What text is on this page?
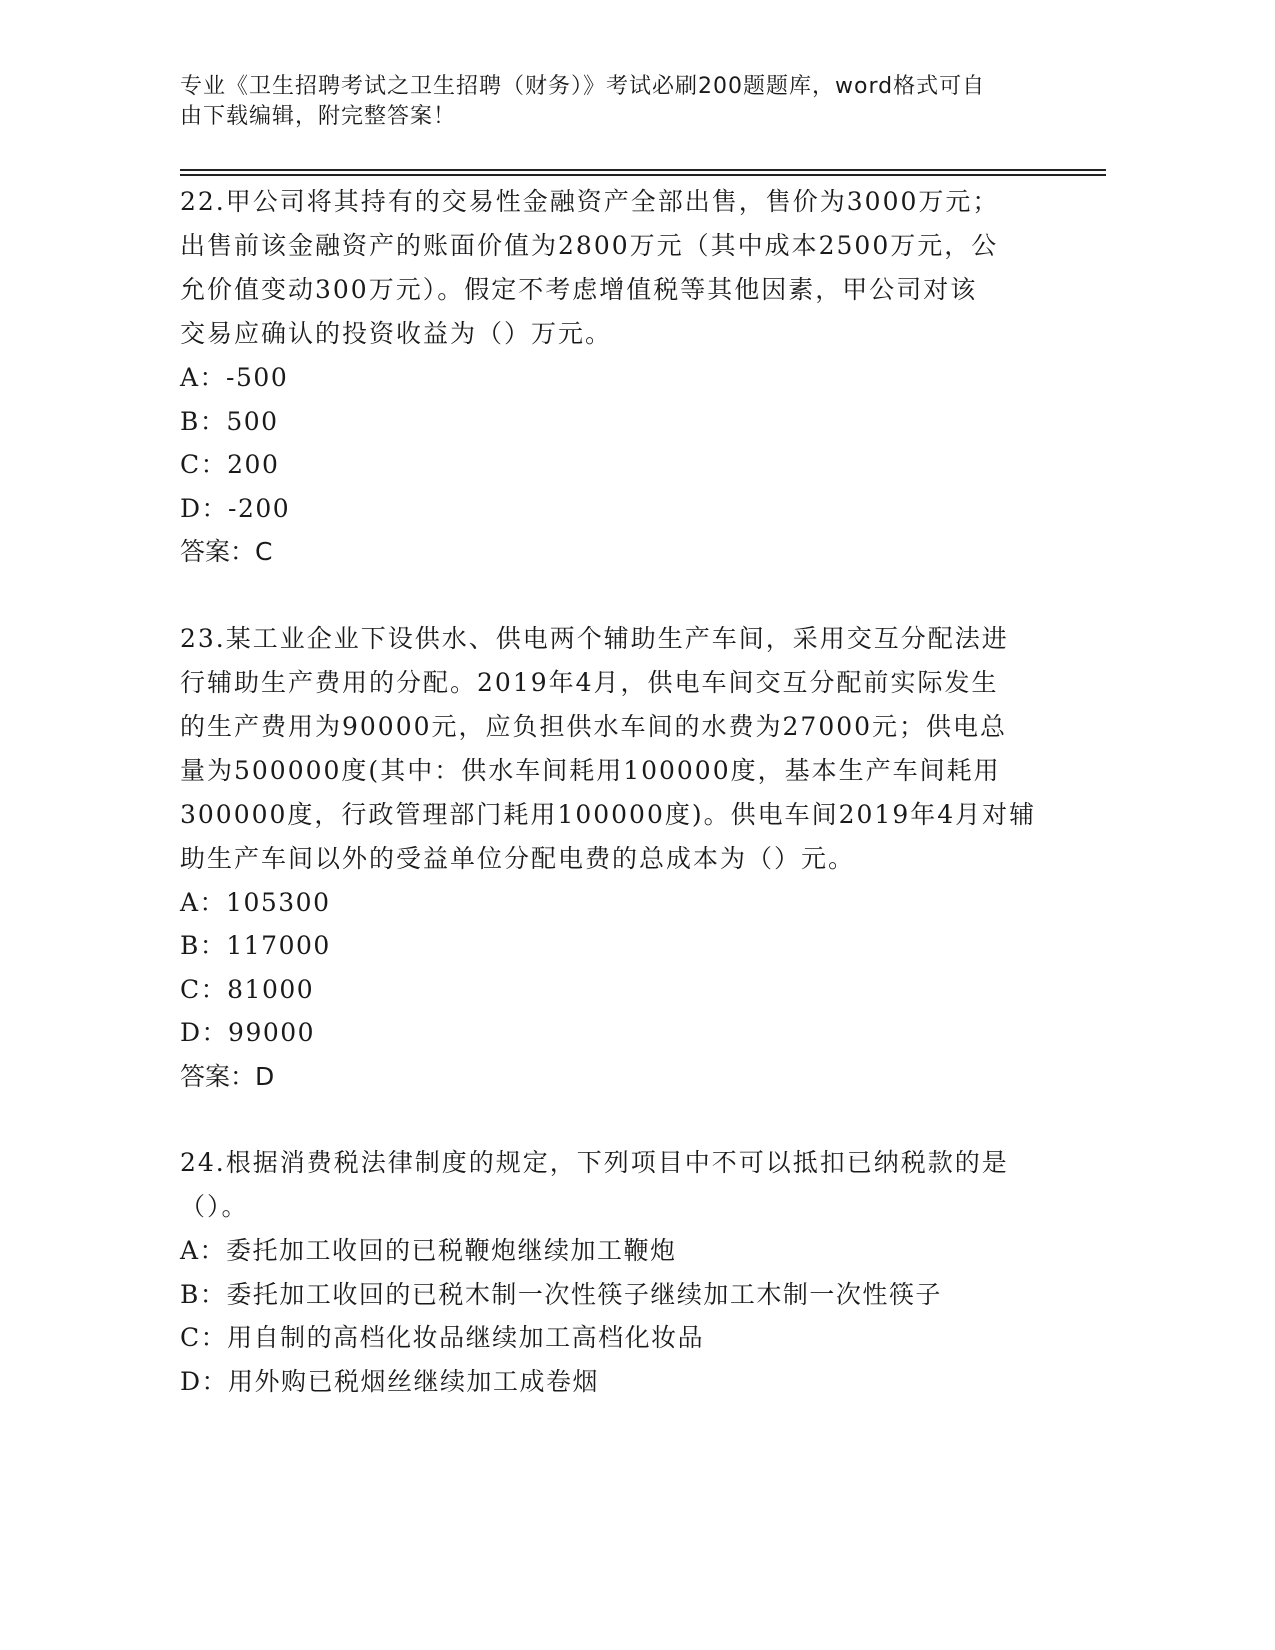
专业《卫生招聘考试之卫生招聘（财务）》考试必刷200题题库，word格式可自
由下载编辑，附完整答案！

22.甲公司将其持有的交易性金融资产全部出售，售价为3000万元；

出售前该金融资产的账面价值为2800万元（其中成本2500万元，公

允价值变动300万元）。假定不考虑增值税等其他因素，甲公司对该

交易应确认的投资收益为（）万元。

A：-500

B：500

C：200

D：-200

答案：C

23.某工业企业下设供水、供电两个辅助生产车间，采用交互分配法进

行辅助生产费用的分配。2019年4月，供电车间交互分配前实际发生

的生产费用为90000元，应负担供水车间的水费为27000元；供电总

量为500000度(其中：供水车间耗用100000度，基本生产车间耗用

300000度，行政管理部门耗用100000度)。供电车间2019年4月对辅

助生产车间以外的受益单位分配电费的总成本为（）元。

A：105300

B：117000

C：81000

D：99000

答案：D

24.根据消费税法律制度的规定，下列项目中不可以抵扣已纳税款的是

（）。

A：委托加工收回的已税鞭炮继续加工鞭炮

B：委托加工收回的已税木制一次性筷子继续加工木制一次性筷子

C：用自制的高档化妆品继续加工高档化妆品

D：用外购已税烟丝继续加工成卷烟
